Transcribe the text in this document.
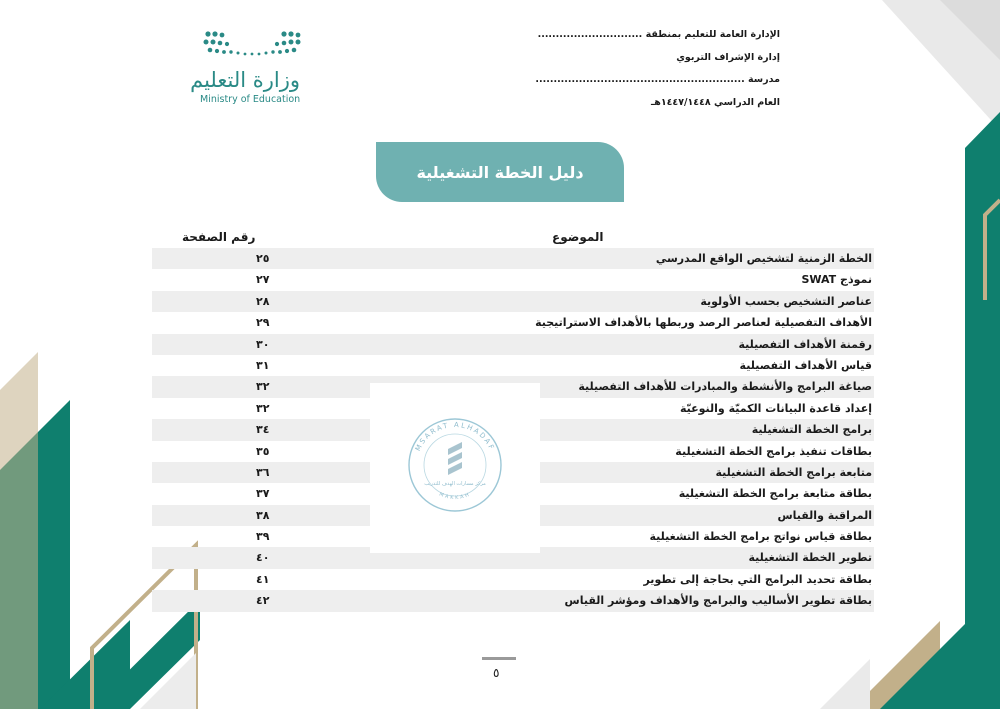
وزارة التعليم
Ministry of Education
الإدارة العامة للتعليم بمنطقة .............................
إدارة الإشراف التربوي
مدرسة ..........................................................
العام الدراسي ١٤٤٧/١٤٤٨هـ
دليل الخطة التشغيلية
رقم الصفحة	الموضوع
الخطة الزمنية لتشخيص الواقع المدرسي
٢٥
نموذج SWAT
٢٧
عناصر التشخيص بحسب الأولوية
٢٨
الأهداف التفصيلية لعناصر الرصد وربطها بالأهداف الاستراتيجية
٢٩
رقمنة الأهداف التفصيلية
٣٠
قياس الأهداف التفصيلية
٣١
صياغة البرامج والأنشطة والمبادرات للأهداف التفصيلية
٣٢
إعداد قاعدة البيانات الكميّة والنوعيّة
٣٢
برامج الخطة التشغيلية
٣٤
بطاقات تنفيذ برامج الخطة التشغيلية
٣٥
متابعة برامج الخطة التشغيلية
٣٦
بطاقة متابعة برامج الخطة التشغيلية
٣٧
المراقبة والقياس
٣٨
بطاقة قياس نواتج برامج الخطة التشغيلية
٣٩
تطوير الخطة التشغيلية
٤٠
بطاقة تحديد البرامج التي بحاجة إلى تطوير
٤١
بطاقة تطوير الأساليب والبرامج والأهداف ومؤشر القياس
٤٢
MSARAT ALHADAF
MAKKAH
مركز مسارات الهدف للتدريب
٥
